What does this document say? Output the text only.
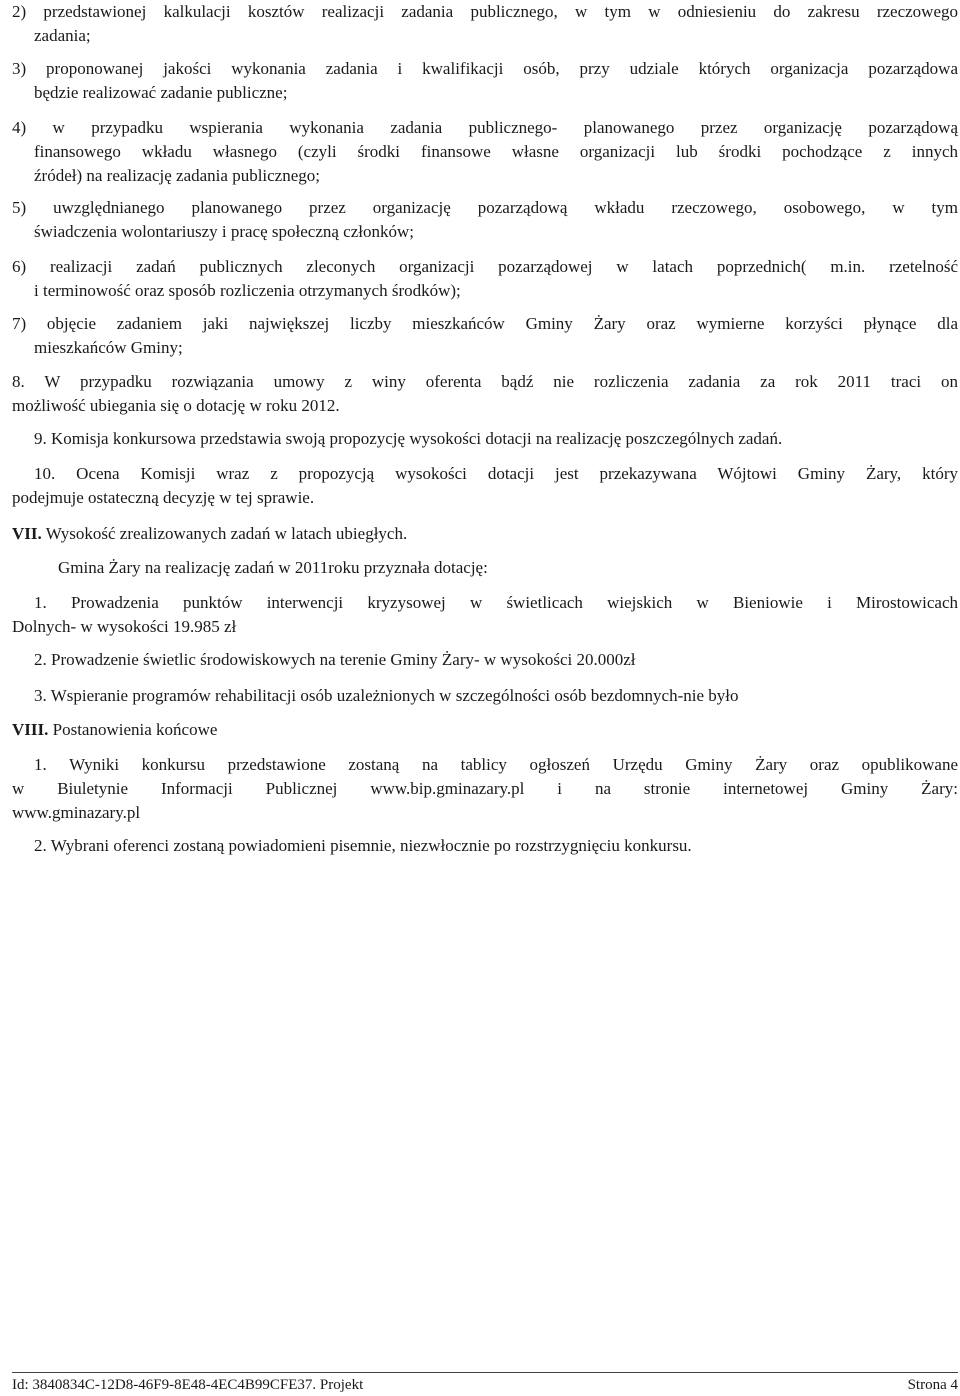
2) przedstawionej kalkulacji kosztów realizacji zadania publicznego, w tym w odniesieniu do zakresu rzeczowego
zadania;
3) proponowanej jakości wykonania zadania i kwalifikacji osób, przy udziale których organizacja pozarządowa
będzie realizować zadanie publiczne;
4) w przypadku wspierania wykonania zadania publicznego- planowanego przez organizację pozarządową
finansowego wkładu własnego (czyli środki finansowe własne organizacji lub środki pochodzące z innych
źródeł) na realizację zadania publicznego;
5) uwzględnianego planowanego przez organizację pozarządową wkładu rzeczowego, osobowego, w tym
świadczenia wolontariuszy i pracę społeczną członków;
6) realizacji zadań publicznych zleconych organizacji pozarządowej w latach poprzednich( m.in. rzetelność
i terminowość oraz sposób rozliczenia otrzymanych środków);
7) objęcie zadaniem jaki największej liczby mieszkańców Gminy Żary oraz wymierne korzyści płynące dla
mieszkańców Gminy;
8. W przypadku rozwiązania umowy z winy oferenta bądź nie rozliczenia zadania za rok 2011 traci on
możliwość ubiegania się o dotację w roku 2012.
9. Komisja konkursowa przedstawia swoją propozycję wysokości dotacji na realizację poszczególnych zadań.
10. Ocena Komisji wraz z propozycją wysokości dotacji jest przekazywana Wójtowi Gminy Żary, który
podejmuje ostateczną decyzję w tej sprawie.
VII. Wysokość zrealizowanych zadań w latach ubiegłych.
Gmina Żary na realizację zadań w 2011roku przyznała dotację:
1. Prowadzenia punktów interwencji kryzysowej w świetlicach wiejskich w Bieniowie i Mirostowicach
Dolnych- w wysokości 19.985 zł
2. Prowadzenie świetlic środowiskowych na terenie Gminy Żary- w wysokości 20.000zł
3. Wspieranie programów rehabilitacji osób uzależnionych w szczególności osób bezdomnych-nie było
VIII. Postanowienia końcowe
1. Wyniki konkursu przedstawione zostaną na tablicy ogłoszeń Urzędu Gminy Żary oraz opublikowane
w Biuletynie Informacji Publicznej www.bip.gminazary.pl i na stronie internetowej Gminy Żary:
www.gminazary.pl
2. Wybrani oferenci zostaną powiadomieni pisemnie, niezwłocznie po rozstrzygnięciu konkursu.
Id: 3840834C-12D8-46F9-8E48-4EC4B99CFE37. Projekt	Strona 4
